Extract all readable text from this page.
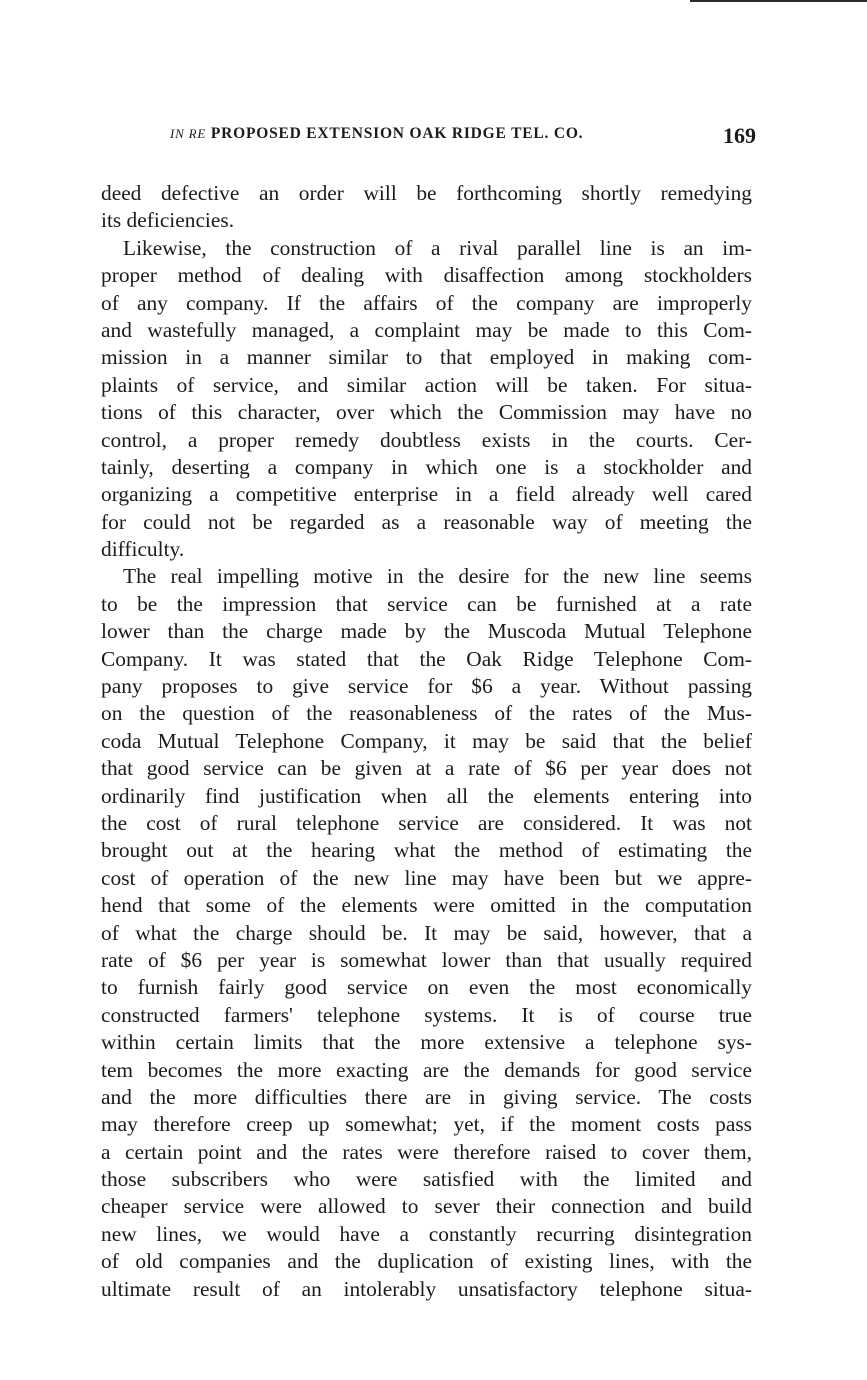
IN RE PROPOSED EXTENSION OAK RIDGE TEL. CO.	169
deed defective an order will be forthcoming shortly remedying
its deficiencies.
Likewise, the construction of a rival parallel line is an im-
proper method of dealing with disaffection among stockholders
of any company. If the affairs of the company are improperly
and wastefully managed, a complaint may be made to this Com-
mission in a manner similar to that employed in making com-
plaints of service, and similar action will be taken. For situa-
tions of this character, over which the Commission may have no
control, a proper remedy doubtless exists in the courts. Cer-
tainly, deserting a company in which one is a stockholder and
organizing a competitive enterprise in a field already well cared
for could not be regarded as a reasonable way of meeting the
difficulty.
The real impelling motive in the desire for the new line seems
to be the impression that service can be furnished at a rate
lower than the charge made by the Muscoda Mutual Telephone
Company. It was stated that the Oak Ridge Telephone Com-
pany proposes to give service for $6 a year. Without passing
on the question of the reasonableness of the rates of the Mus-
coda Mutual Telephone Company, it may be said that the belief
that good service can be given at a rate of $6 per year does not
ordinarily find justification when all the elements entering into
the cost of rural telephone service are considered. It was not
brought out at the hearing what the method of estimating the
cost of operation of the new line may have been but we appre-
hend that some of the elements were omitted in the computation
of what the charge should be. It may be said, however, that a
rate of $6 per year is somewhat lower than that usually required
to furnish fairly good service on even the most economically
constructed farmers' telephone systems. It is of course true
within certain limits that the more extensive a telephone sys-
tem becomes the more exacting are the demands for good service
and the more difficulties there are in giving service. The costs
may therefore creep up somewhat; yet, if the moment costs pass
a certain point and the rates were therefore raised to cover them,
those subscribers who were satisfied with the limited and
cheaper service were allowed to sever their connection and build
new lines, we would have a constantly recurring disintegration
of old companies and the duplication of existing lines, with the
ultimate result of an intolerably unsatisfactory telephone situa-
